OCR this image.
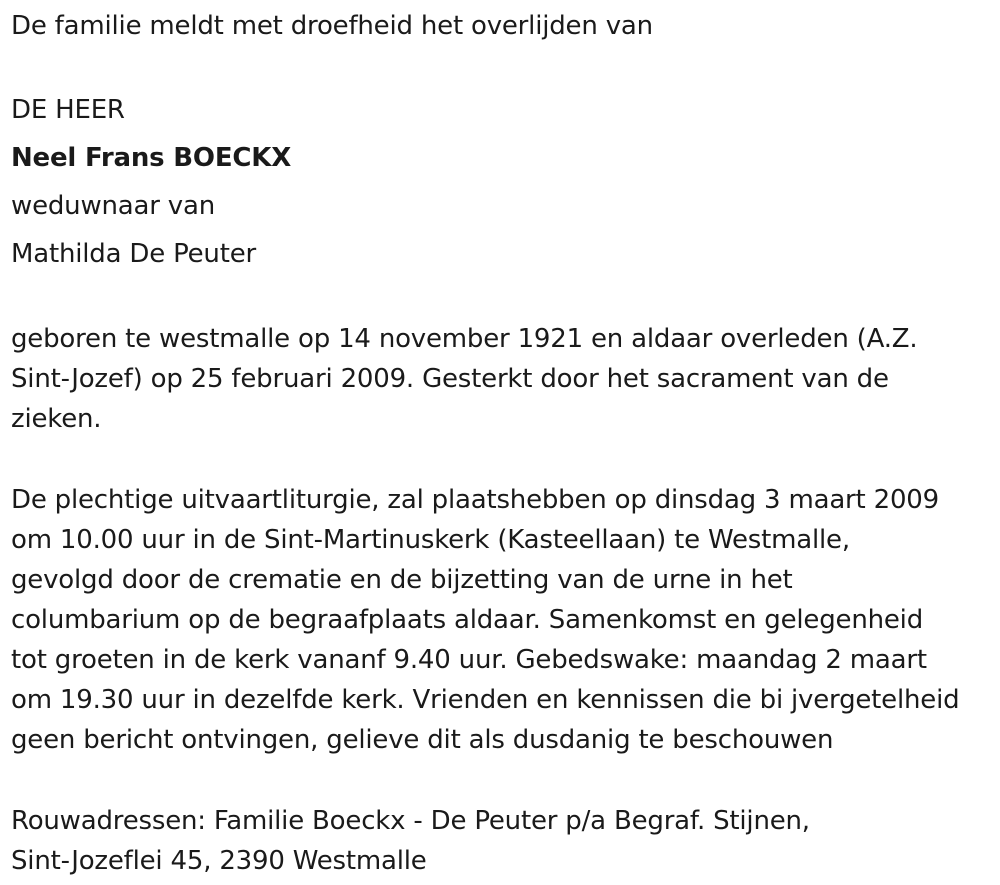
De familie meldt met droefheid het overlijden van
DE HEER
Neel Frans BOECKX
weduwnaar van
Mathilda De Peuter

geboren te westmalle op 14 november 1921 en aldaar overleden (A.Z.
Sint-Jozef) op 25 februari 2009. Gesterkt door het sacrament van de
zieken.

De plechtige uitvaartliturgie, zal plaatshebben op dinsdag 3 maart 2009
om 10.00 uur in de Sint-Martinuskerk (Kasteellaan) te Westmalle,
gevolgd door de crematie en de bijzetting van de urne in het
columbarium op de begraafplaats aldaar. Samenkomst en gelegenheid
tot groeten in de kerk vananf 9.40 uur. Gebedswake: maandag 2 maart
om 19.30 uur in dezelfde kerk. Vrienden en kennissen die bi jvergetelheid
geen bericht ontvingen, gelieve dit als dusdanig te beschouwen

Rouwadressen: Familie Boeckx - De Peuter p/a Begraf. Stijnen,
Sint-Jozeflei 45, 2390 Westmalle
